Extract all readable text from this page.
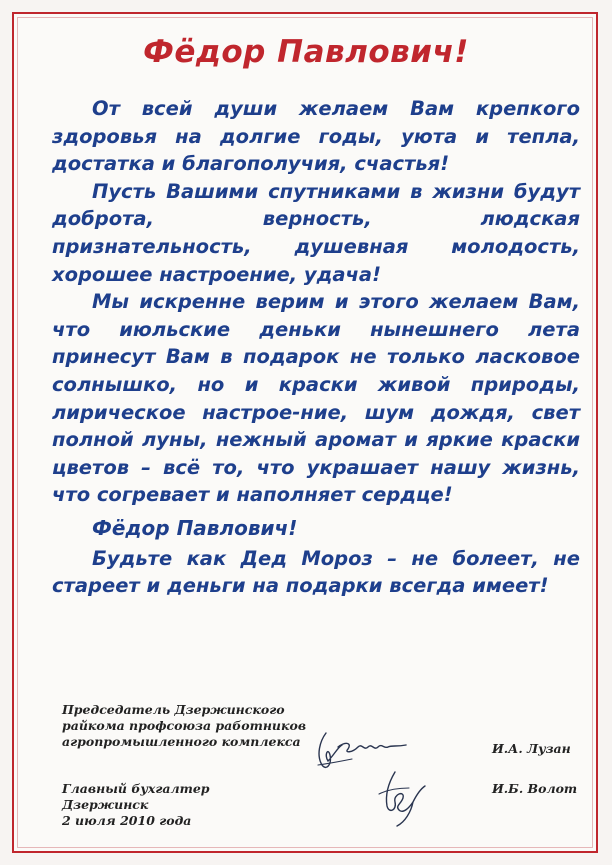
Фёдор Павлович!

От всей души желаем Вам крепкого здоровья на долгие годы, уюта и тепла, достатка и благополучия, счастья!

Пусть Вашими спутниками в жизни будут доброта, верность, людская признательность, душевная молодость, хорошее настроение, удача!

Мы искренне верим и этого желаем Вам, что июльские деньки нынешнего лета принесут Вам в подарок не только ласковое солнышко, но и краски живой природы, лирическое настрое-ние, шум дождя, свет полной луны, нежный аромат и яркие краски цветов – всё то, что украшает нашу жизнь, что согревает и наполняет сердце!

Фёдор Павлович!

Будьте как Дед Мороз – не болеет, не стареет и деньги на подарки всегда имеет!

Председатель Дзержинского
райкома профсоюза работников
агропромышленного комплекса	И.А. Лузан
Главный бухгалтер
Дзержинск
2 июля 2010 года
И.Б. Волот
